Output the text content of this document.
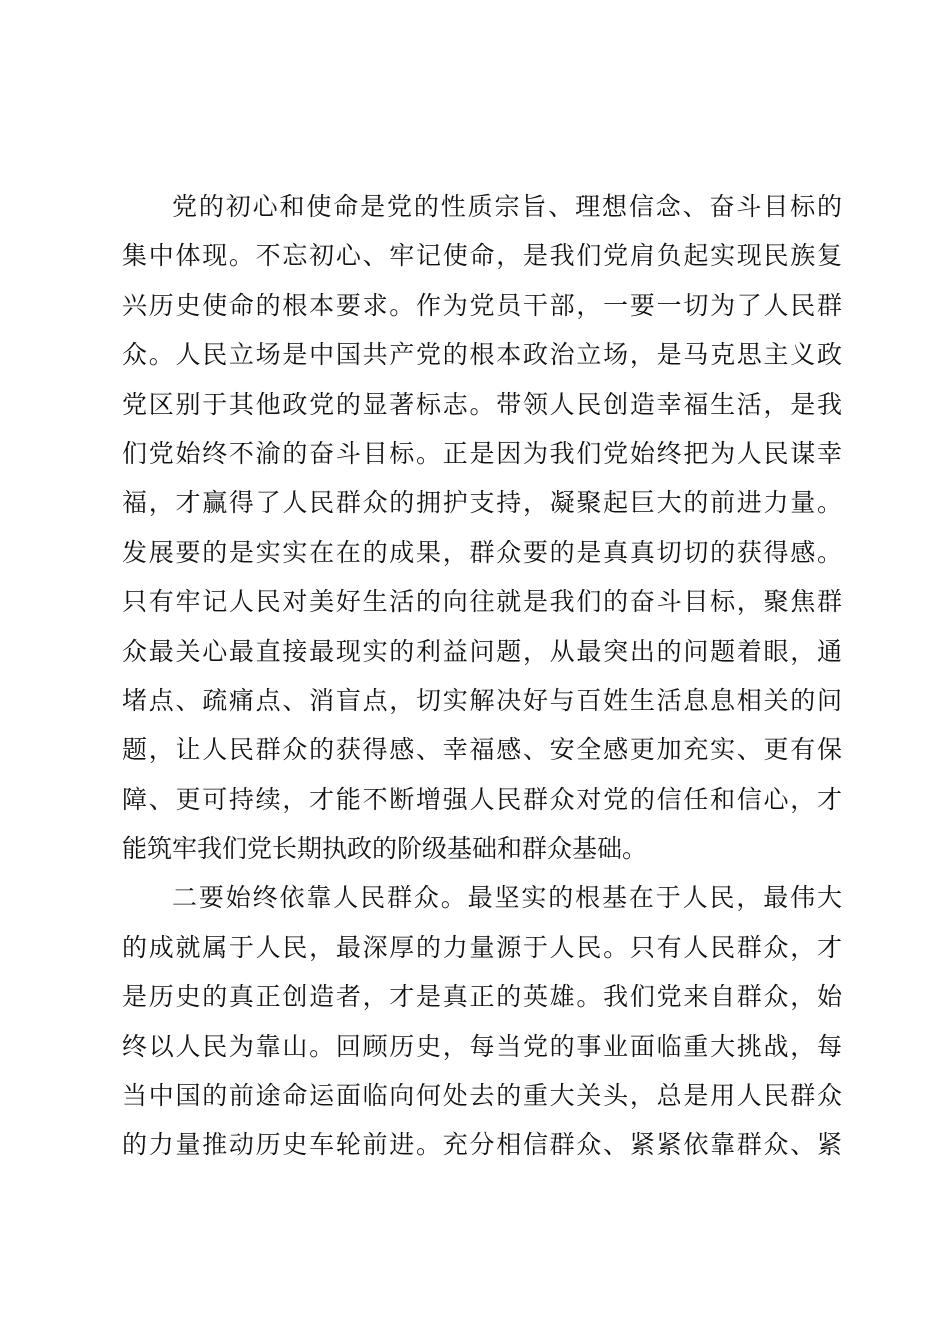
党的初心和使命是党的性质宗旨、理想信念、奋斗目标的
集中体现。不忘初心、牢记使命，是我们党肩负起实现民族复
兴历史使命的根本要求。作为党员干部，一要一切为了人民群
众。人民立场是中国共产党的根本政治立场，是马克思主义政
党区别于其他政党的显著标志。带领人民创造幸福生活，是我
们党始终不渝的奋斗目标。正是因为我们党始终把为人民谋幸
福，才赢得了人民群众的拥护支持，凝聚起巨大的前进力量。
发展要的是实实在在的成果，群众要的是真真切切的获得感。
只有牢记人民对美好生活的向往就是我们的奋斗目标，聚焦群
众最关心最直接最现实的利益问题，从最突出的问题着眼，通
堵点、疏痛点、消盲点，切实解决好与百姓生活息息相关的问
题，让人民群众的获得感、幸福感、安全感更加充实、更有保
障、更可持续，才能不断增强人民群众对党的信任和信心，才
能筑牢我们党长期执政的阶级基础和群众基础。
二要始终依靠人民群众。最坚实的根基在于人民，最伟大
的成就属于人民，最深厚的力量源于人民。只有人民群众，才
是历史的真正创造者，才是真正的英雄。我们党来自群众，始
终以人民为靠山。回顾历史，每当党的事业面临重大挑战，每
当中国的前途命运面临向何处去的重大关头，总是用人民群众
的力量推动历史车轮前进。充分相信群众、紧紧依靠群众、紧
